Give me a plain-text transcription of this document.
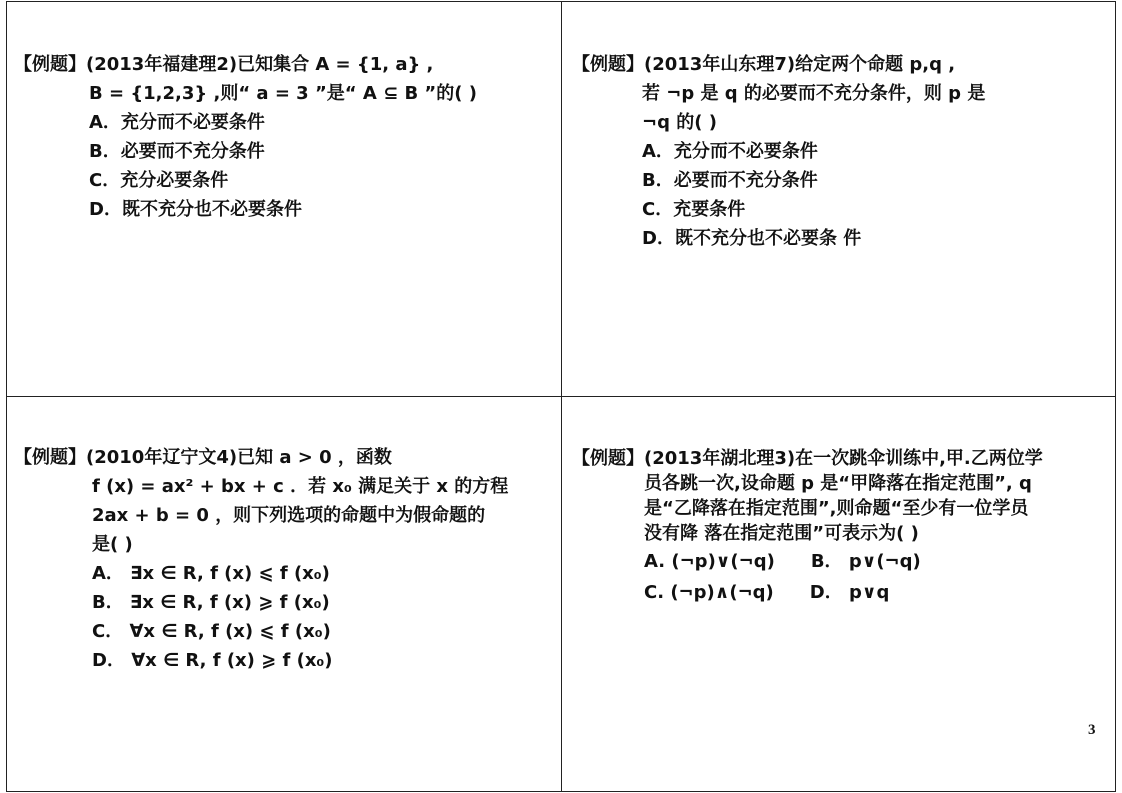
【例题】(2013年福建理2)已知集合 A = {1, a} ,
B = {1,2,3} ,则“ a = 3 ”是“ A ⊆ B ”的( )
A．充分而不必要条件
B．必要而不充分条件
C．充分必要条件
D．既不充分也不必要条件
【例题】(2013年山东理7)给定两个命题 p,q ,
若 ¬p 是 q 的必要而不充分条件，则 p 是
¬q 的( )
A．充分而不必要条件
B．必要而不充分条件
C．充要条件
D．既不充分也不必要条 件
【例题】(2010年辽宁文4)已知 a > 0 ，函数
f (x) = ax² + bx + c ．若 x₀ 满足关于 x 的方程
2ax + b = 0 ，则下列选项的命题中为假命题的
是( )
A． ∃x ∈ R, f (x) ⩽ f (x₀)
B． ∃x ∈ R, f (x) ⩾ f (x₀)
C． ∀x ∈ R, f (x) ⩽ f (x₀)
D． ∀x ∈ R, f (x) ⩾ f (x₀)
【例题】(2013年湖北理3)在一次跳伞训练中,甲.乙两位学
员各跳一次,设命题 p 是“甲降落在指定范围”, q
是“乙降落在指定范围”,则命题“至少有一位学员
没有降 落在指定范围”可表示为( )
A. (¬p)∨(¬q) B． p∨(¬q)
C. (¬p)∧(¬q) D． p∨q
3
